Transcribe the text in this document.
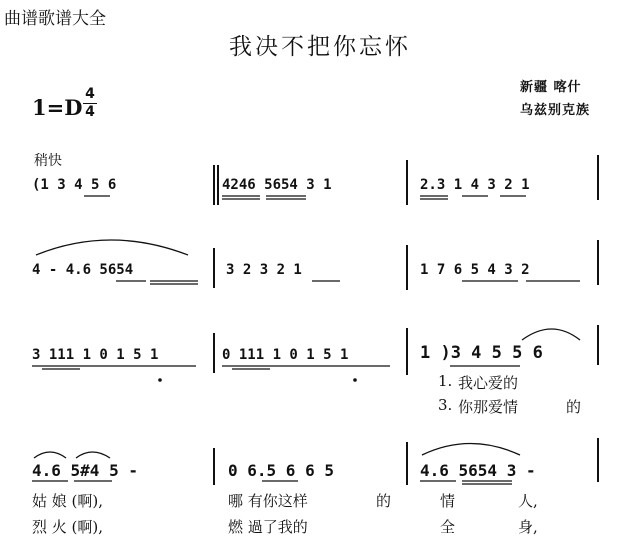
曲谱歌谱大全
我决不把你忘怀
新疆 喀什
乌兹别克族
$1=D \frac{4}{4}$
稍快
(1 3 4 5 6	4246 5654 3 1	2.3 1 4 3 2 1
4 - 4.6 5654	3 2 3 2 1	1 7 6 5 4 3 2
3 111 1 0 1 5 1	0 111 1 0 1 5 1	1 )3 4 5 5 6
1. 我心爱的
3. 你那爱情	的
4.6 5#4 5 -	0 6.5 6 6 5	4.6 5654 3 -
姑 娘 (啊),	哪 有你这样	的	情	人,
烈 火 (啊),	燃 過了我的	全	身,
